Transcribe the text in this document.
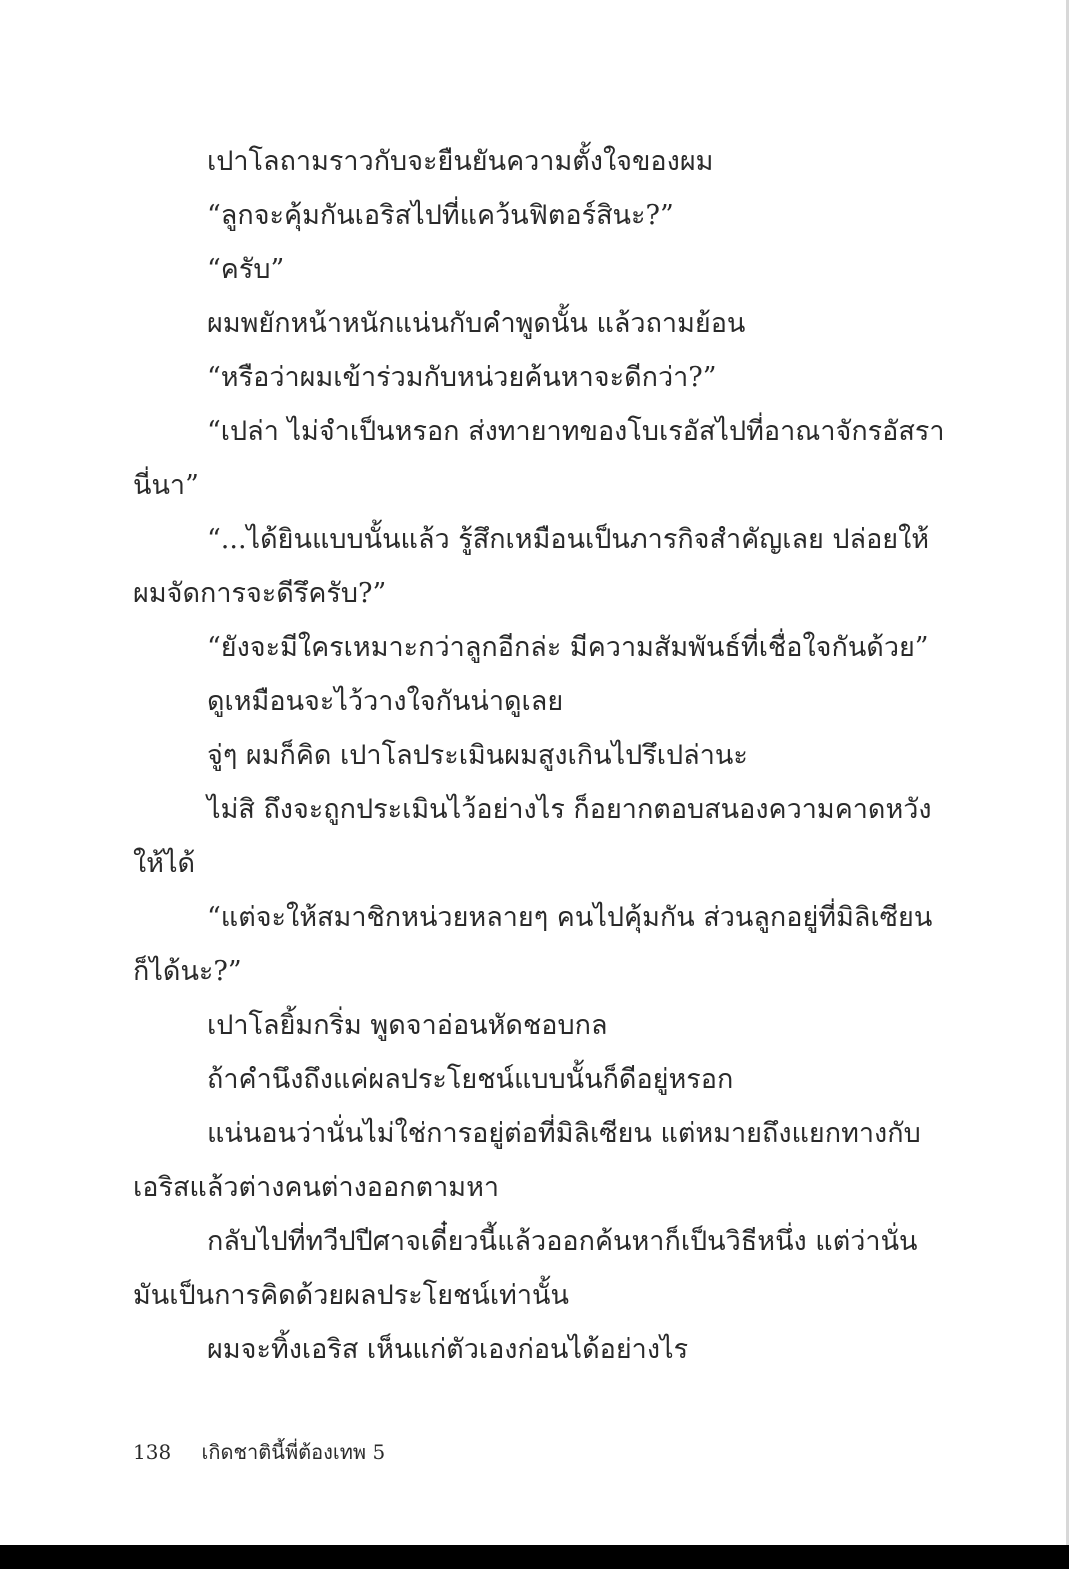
เปาโลถามราวกับจะยืนยันความตั้งใจของผม

“ลูกจะคุ้มกันเอริสไปที่แคว้นฟิตอร์สินะ?”

“ครับ”

ผมพยักหน้าหนักแน่นกับคำพูดนั้น แล้วถามย้อน

“หรือว่าผมเข้าร่วมกับหน่วยค้นหาจะดีกว่า?”

“เปล่า ไม่จำเป็นหรอก ส่งทายาทของโบเรอัสไปที่อาณาจักรอัสรา

นี่นา”

“...ได้ยินแบบนั้นแล้ว รู้สึกเหมือนเป็นภารกิจสำคัญเลย ปล่อยให้

ผมจัดการจะดีรึครับ?”

“ยังจะมีใครเหมาะกว่าลูกอีกล่ะ มีความสัมพันธ์ที่เชื่อใจกันด้วย”

ดูเหมือนจะไว้วางใจกันน่าดูเลย

จู่ๆ ผมก็คิด เปาโลประเมินผมสูงเกินไปรึเปล่านะ

ไม่สิ ถึงจะถูกประเมินไว้อย่างไร ก็อยากตอบสนองความคาดหวัง

ให้ได้

“แต่จะให้สมาชิกหน่วยหลายๆ คนไปคุ้มกัน ส่วนลูกอยู่ที่มิลิเซียน

ก็ได้นะ?”

เปาโลยิ้มกริ่ม พูดจาอ่อนหัดชอบกล

ถ้าคำนึงถึงแค่ผลประโยชน์แบบนั้นก็ดีอยู่หรอก

แน่นอนว่านั่นไม่ใช่การอยู่ต่อที่มิลิเซียน แต่หมายถึงแยกทางกับ

เอริสแล้วต่างคนต่างออกตามหา

กลับไปที่ทวีปปีศาจเดี๋ยวนี้แล้วออกค้นหาก็เป็นวิธีหนึ่ง แต่ว่านั่น

มันเป็นการคิดด้วยผลประโยชน์เท่านั้น

ผมจะทิ้งเอริส เห็นแก่ตัวเองก่อนได้อย่างไร

138 เกิดชาตินี้พี่ต้องเทพ 5
